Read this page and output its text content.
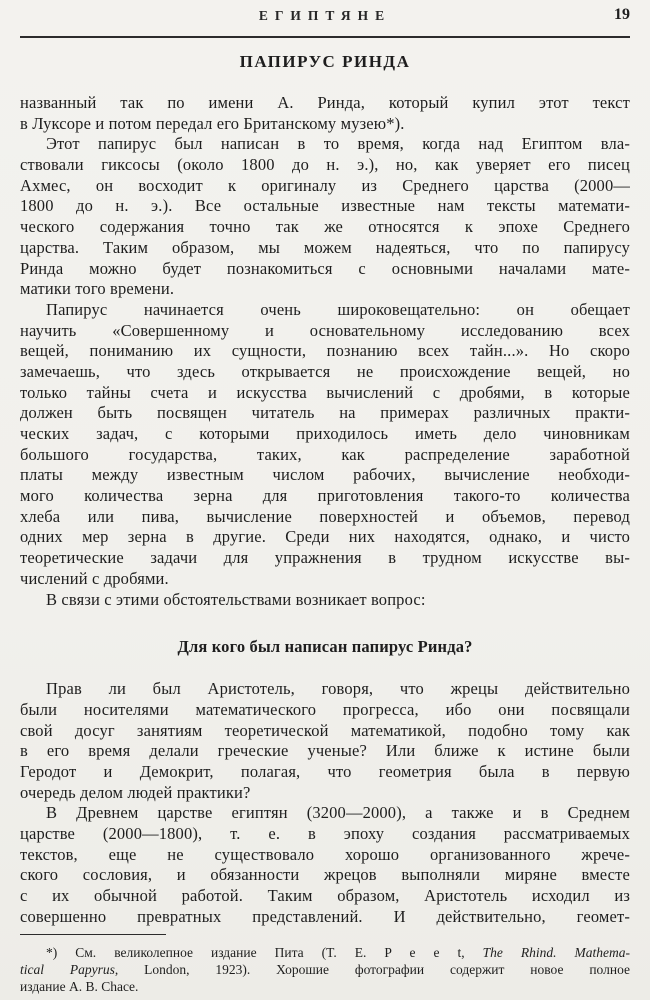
ЕГИПТЯНЕ	19
ПАПИРУС РИНДА
названный так по имени А. Ринда, который купил этот текст
в Луксоре и потом передал его Британскому музею*).
Этот папирус был написан в то время, когда над Египтом вла-
ствовали гиксосы (около 1800 до н. э.), но, как уверяет его писец
Ахмес, он восходит к оригиналу из Среднего царства (2000—
1800 до н. э.). Все остальные известные нам тексты математи-
ческого содержания точно так же относятся к эпохе Среднего
царства. Таким образом, мы можем надеяться, что по папирусу
Ринда можно будет познакомиться с основными началами мате-
матики того времени.
Папирус начинается очень широковещательно: он обещает
научить «Совершенному и основательному исследованию всех
вещей, пониманию их сущности, познанию всех тайн...». Но скоро
замечаешь, что здесь открывается не происхождение вещей, но
только тайны счета и искусства вычислений с дробями, в которые
должен быть посвящен читатель на примерах различных практи-
ческих задач, с которыми приходилось иметь дело чиновникам
большого государства, таких, как распределение заработной
платы между известным числом рабочих, вычисление необходи-
мого количества зерна для приготовления такого-то количества
хлеба или пива, вычисление поверхностей и объемов, перевод
одних мер зерна в другие. Среди них находятся, однако, и чисто
теоретические задачи для упражнения в трудном искусстве вы-
числений с дробями.
В связи с этими обстоятельствами возникает вопрос:
Для кого был написан папирус Ринда?
Прав ли был Аристотель, говоря, что жрецы действительно
были носителями математического прогресса, ибо они посвящали
свой досуг занятиям теоретической математикой, подобно тому как
в его время делали греческие ученые? Или ближе к истине были
Геродот и Демокрит, полагая, что геометрия была в первую
очередь делом людей практики?
В Древнем царстве египтян (3200—2000), а также и в Среднем
царстве (2000—1800), т. е. в эпоху создания рассматриваемых
текстов, еще не существовало хорошо организованного жрече-
ского сословия, и обязанности жрецов выполняли миряне вместе
с их обычной работой. Таким образом, Аристотель исходил из
совершенно превратных представлений. И действительно, геомет-
*) См. великолепное издание Пита (T. E. P e e t, The Rhind. Mathema-
tical Papyrus, London, 1923). Хорошие фотографии содержит новое полное
издание A. B. Chace.
